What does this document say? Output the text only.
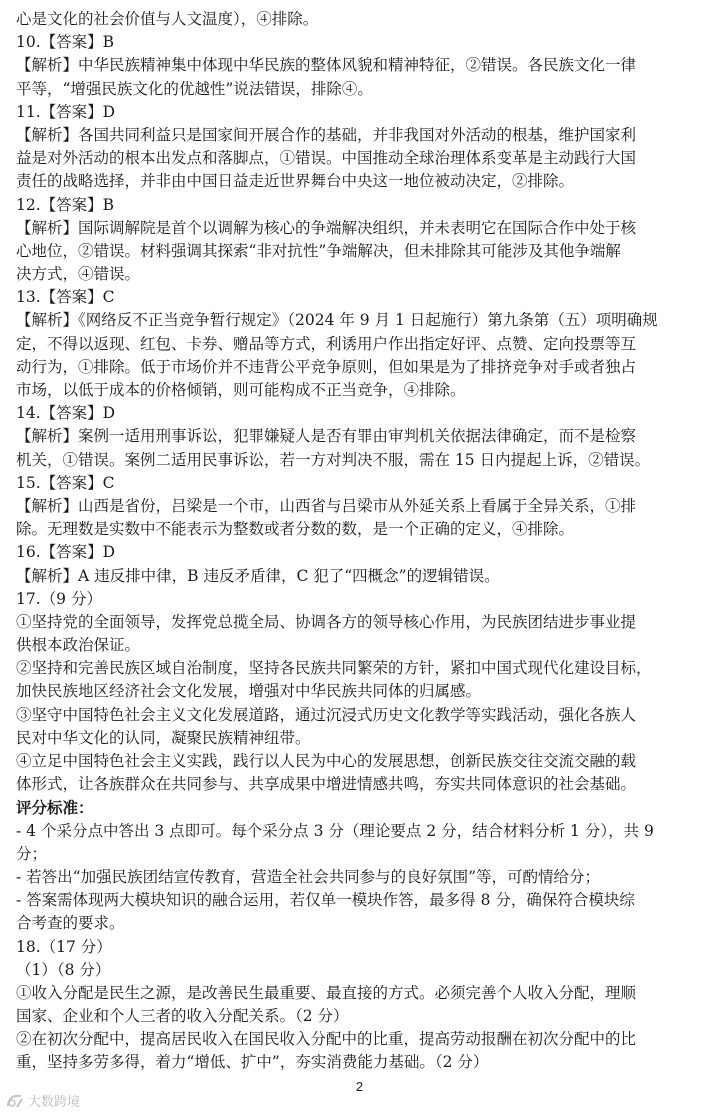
心是文化的社会价值与人文温度），④排除。
10.【答案】B
【解析】中华民族精神集中体现中华民族的整体风貌和精神特征，②错误。各民族文化一律
平等，“增强民族文化的优越性”说法错误，排除④。
11.【答案】D
【解析】各国共同利益只是国家间开展合作的基础，并非我国对外活动的根基，维护国家利
益是对外活动的根本出发点和落脚点，①错误。中国推动全球治理体系变革是主动践行大国
责任的战略选择，并非由中国日益走近世界舞台中央这一地位被动决定，②排除。
12.【答案】B
【解析】国际调解院是首个以调解为核心的争端解决组织，并未表明它在国际合作中处于核
心地位，②错误。材料强调其探索“非对抗性”争端解决，但未排除其可能涉及其他争端解
决方式，④错误。
13.【答案】C
【解析】《网络反不正当竞争暂行规定》（2024 年 9 月 1 日起施行）第九条第（五）项明确规
定，不得以返现、红包、卡券、赠品等方式，利诱用户作出指定好评、点赞、定向投票等互
动行为，①排除。低于市场价并不违背公平竞争原则，但如果是为了排挤竞争对手或者独占
市场，以低于成本的价格倾销，则可能构成不正当竞争，④排除。
14.【答案】D
【解析】案例一适用刑事诉讼，犯罪嫌疑人是否有罪由审判机关依据法律确定，而不是检察
机关，①错误。案例二适用民事诉讼，若一方对判决不服，需在 15 日内提起上诉，②错误。
15.【答案】C
【解析】山西是省份，吕梁是一个市，山西省与吕梁市从外延关系上看属于全异关系，①排
除。无理数是实数中不能表示为整数或者分数的数，是一个正确的定义，④排除。
16.【答案】D
【解析】A 违反排中律，B 违反矛盾律，C 犯了“四概念”的逻辑错误。
17.（9 分）
①坚持党的全面领导，发挥党总揽全局、协调各方的领导核心作用，为民族团结进步事业提
供根本政治保证。
②坚持和完善民族区域自治制度，坚持各民族共同繁荣的方针，紧扣中国式现代化建设目标，
加快民族地区经济社会文化发展，增强对中华民族共同体的归属感。
③坚守中国特色社会主义文化发展道路，通过沉浸式历史文化教学等实践活动，强化各族人
民对中华文化的认同，凝聚民族精神纽带。
④立足中国特色社会主义实践，践行以人民为中心的发展思想，创新民族交往交流交融的载
体形式，让各族群众在共同参与、共享成果中增进情感共鸣，夯实共同体意识的社会基础。
评分标准：
- 4 个采分点中答出 3 点即可。每个采分点 3 分（理论要点 2 分，结合材料分析 1 分），共 9
分；
- 若答出“加强民族团结宣传教育，营造全社会共同参与的良好氛围”等，可酌情给分；
- 答案需体现两大模块知识的融合运用，若仅单一模块作答，最多得 8 分，确保符合模块综
合考查的要求。
18.（17 分）
（1）（8 分）
①收入分配是民生之源，是改善民生最重要、最直接的方式。必须完善个人收入分配，理顺
国家、企业和个人三者的收入分配关系。（2 分）
②在初次分配中，提高居民收入在国民收入分配中的比重，提高劳动报酬在初次分配中的比
重，坚持多劳多得，着力“增低、扩中”，夯实消费能力基础。（2 分）
2
大数跨境
